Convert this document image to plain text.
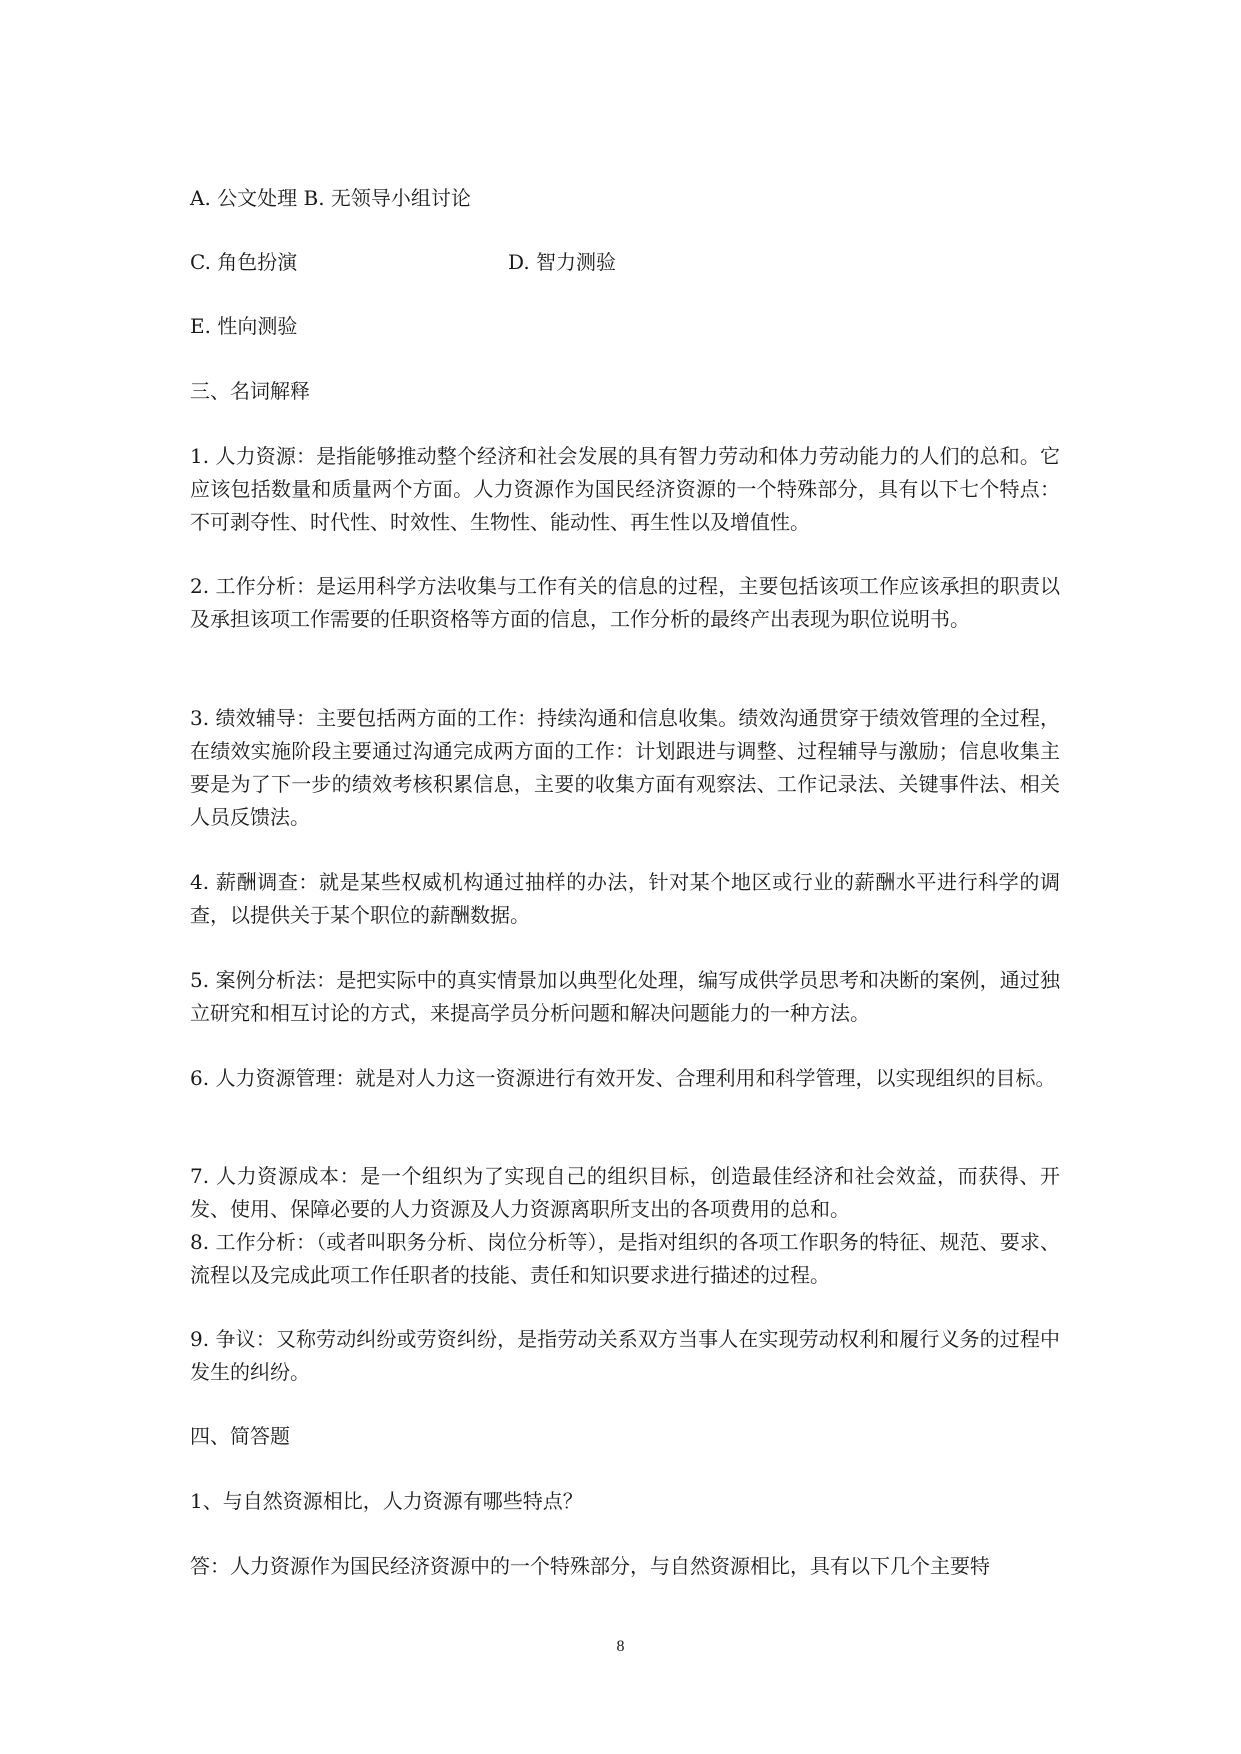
A. 公文处理 B. 无领导小组讨论
C. 角色扮演	D. 智力测验
E. 性向测验
三、名词解释
1. 人力资源：是指能够推动整个经济和社会发展的具有智力劳动和体力劳动能力的人们的总和。它应该包括数量和质量两个方面。人力资源作为国民经济资源的一个特殊部分，具有以下七个特点：不可剥夺性、时代性、时效性、生物性、能动性、再生性以及增值性。
2. 工作分析：是运用科学方法收集与工作有关的信息的过程，主要包括该项工作应该承担的职责以及承担该项工作需要的任职资格等方面的信息，工作分析的最终产出表现为职位说明书。
3. 绩效辅导：主要包括两方面的工作：持续沟通和信息收集。绩效沟通贯穿于绩效管理的全过程，在绩效实施阶段主要通过沟通完成两方面的工作：计划跟进与调整、过程辅导与激励；信息收集主要是为了下一步的绩效考核积累信息，主要的收集方面有观察法、工作记录法、关键事件法、相关人员反馈法。
4. 薪酬调查：就是某些权威机构通过抽样的办法，针对某个地区或行业的薪酬水平进行科学的调查，以提供关于某个职位的薪酬数据。
5. 案例分析法：是把实际中的真实情景加以典型化处理，编写成供学员思考和决断的案例，通过独立研究和相互讨论的方式，来提高学员分析问题和解决问题能力的一种方法。
6. 人力资源管理：就是对人力这一资源进行有效开发、合理利用和科学管理，以实现组织的目标。
7. 人力资源成本：是一个组织为了实现自己的组织目标，创造最佳经济和社会效益，而获得、开发、使用、保障必要的人力资源及人力资源离职所支出的各项费用的总和。
8. 工作分析：（或者叫职务分析、岗位分析等），是指对组织的各项工作职务的特征、规范、要求、流程以及完成此项工作任职者的技能、责任和知识要求进行描述的过程。
9. 争议：又称劳动纠纷或劳资纠纷，是指劳动关系双方当事人在实现劳动权利和履行义务的过程中发生的纠纷。
四、简答题
1、与自然资源相比，人力资源有哪些特点？
答：人力资源作为国民经济资源中的一个特殊部分，与自然资源相比，具有以下几个主要特
8
